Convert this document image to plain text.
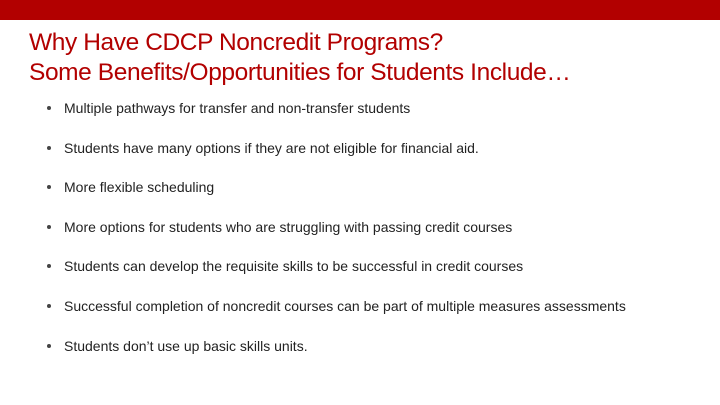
Why Have CDCP Noncredit Programs?
Some Benefits/Opportunities for Students Include…
Multiple pathways for transfer and non-transfer students
Students have many options if they are not eligible for financial aid.
More flexible scheduling
More options for students who are struggling with passing credit courses
Students can develop the requisite skills to be successful in credit courses
Successful completion of noncredit courses can be part of multiple measures assessments
Students don’t use up basic skills units.
